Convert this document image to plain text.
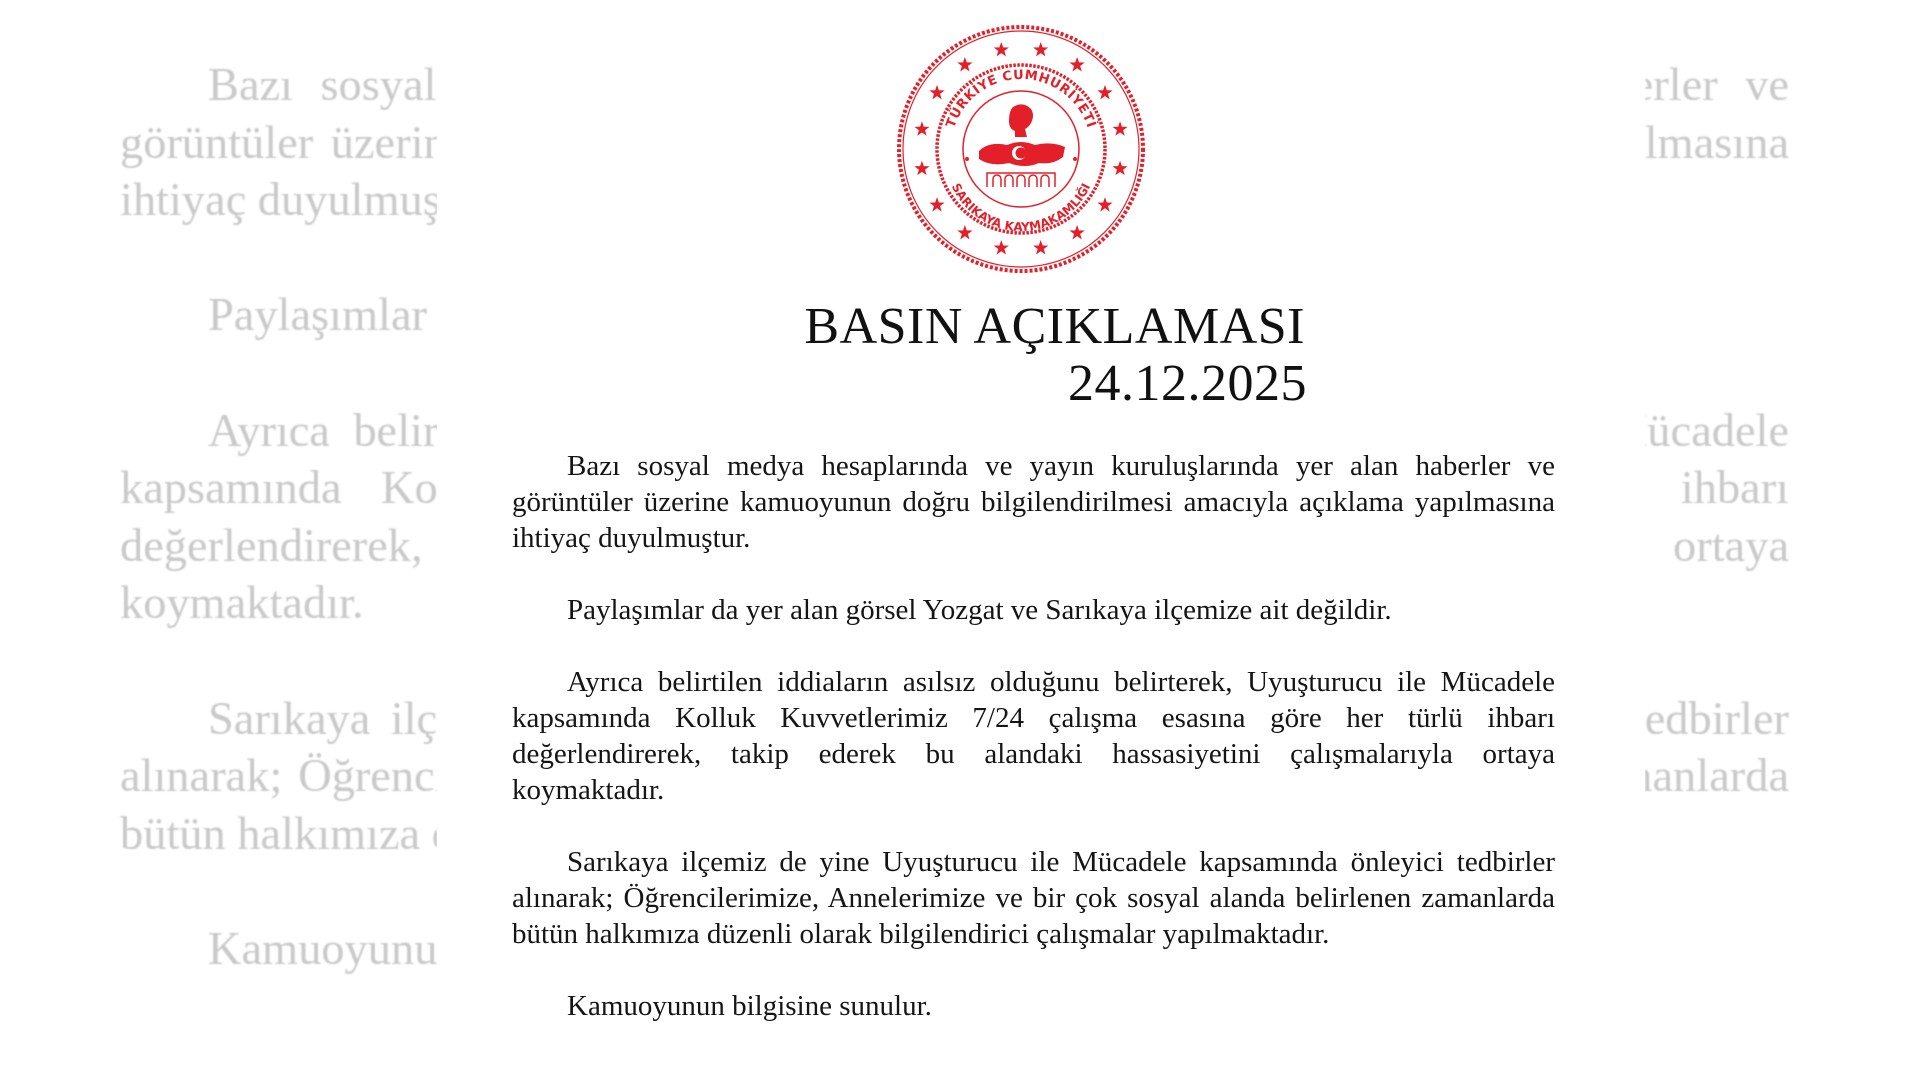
TÜRKİYE CUMHURİYETİ
SARIKAYA KAYMAKAMLIĞI
BASIN AÇIKLAMASI
24.12.2025

Bazı sosyal medya hesaplarında ve yayın kuruluşlarında yer alan haberler ve görüntüler üzerine kamuoyunun doğru bilgilendirilmesi amacıyla açıklama yapılmasına ihtiyaç duyulmuştur.

Paylaşımlar da yer alan görsel Yozgat ve Sarıkaya ilçemize ait değildir.

Ayrıca belirtilen iddiaların asılsız olduğunu belirterek, Uyuşturucu ile Mücadele kapsamında Kolluk Kuvvetlerimiz 7/24 çalışma esasına göre her türlü ihbarı değerlendirerek, takip ederek bu alandaki hassasiyetini çalışmalarıyla ortaya koymaktadır.

Sarıkaya ilçemiz de yine Uyuşturucu ile Mücadele kapsamında önleyici tedbirler alınarak; Öğrencilerimize, Annelerimize ve bir çok sosyal alanda belirlenen zamanlarda bütün halkımıza düzenli olarak bilgilendirici çalışmalar yapılmaktadır.

Kamuoyunun bilgisine sunulur.
